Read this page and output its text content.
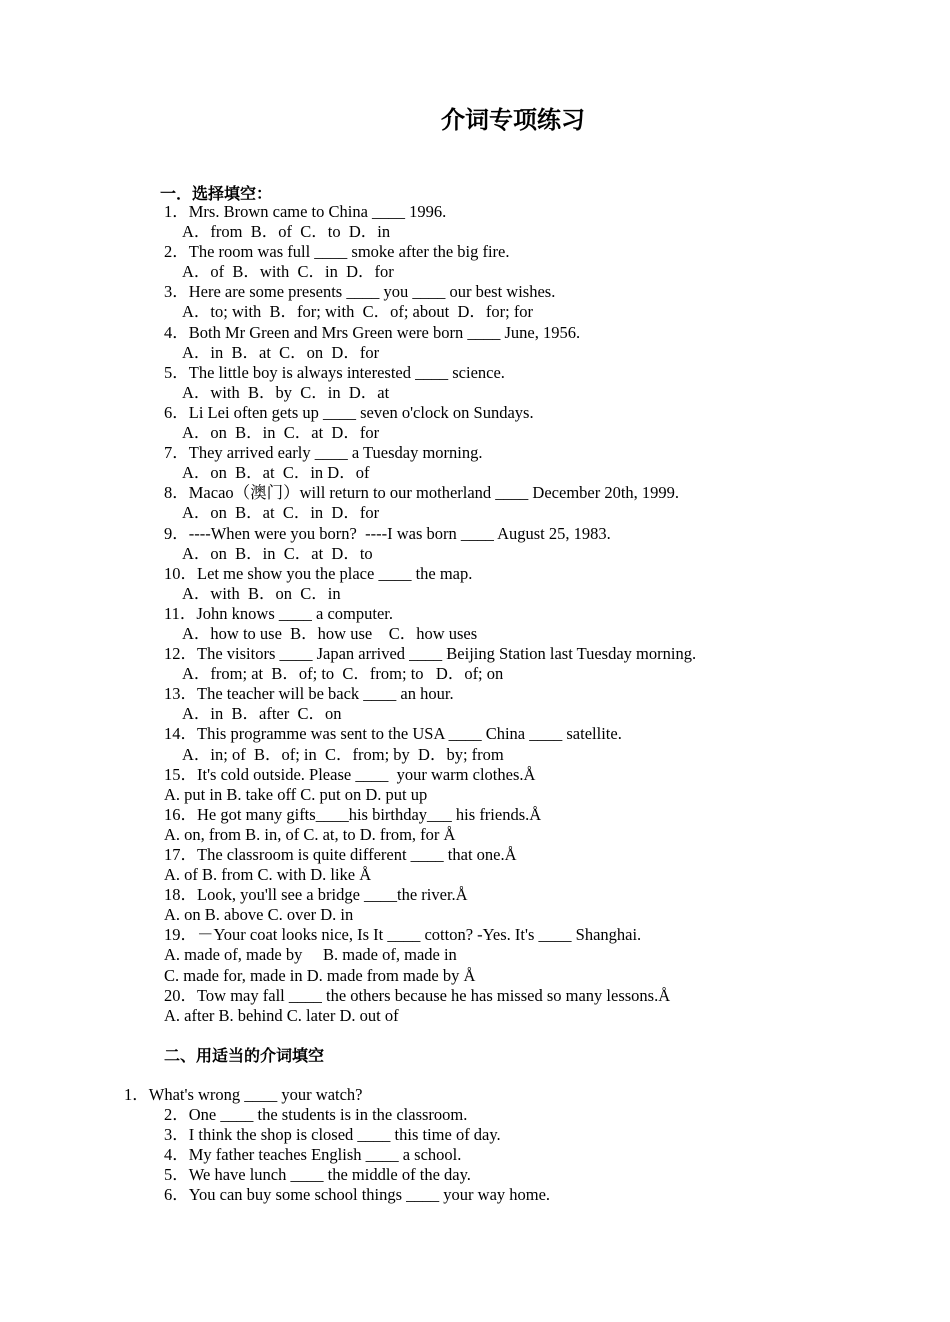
介词专项练习
一．选择填空：
1．Mrs. Brown came to China ____ 1996.
A．from  B．of  C．to  D．in
2．The room was full ____ smoke after the big fire.
A．of  B．with  C．in  D．for
3．Here are some presents ____ you ____ our best wishes.
A．to; with  B．for; with  C．of; about  D．for; for
4．Both Mr Green and Mrs Green were born ____ June, 1956.
A．in  B．at  C．on  D．for
5．The little boy is always interested ____ science.
A．with  B．by  C．in  D．at
6．Li Lei often gets up ____ seven o'clock on Sundays.
A．on  B．in  C．at  D．for
7．They arrived early ____ a Tuesday morning.
A．on  B．at  C．in D．of
8．Macao（澳门）will return to our motherland ____ December 20th, 1999.
A．on  B．at  C．in  D．for
9．----When were you born?  ----I was born ____ August 25, 1983.
A．on  B．in  C．at  D．to
10．Let me show you the place ____ the map.
A．with  B．on  C．in
11．John knows ____ a computer.
A．how to use  B．how use    C．how uses
12．The visitors ____ Japan arrived ____ Beijing Station last Tuesday morning.
A．from; at  B．of; to  C．from; to   D．of; on
13．The teacher will be back ____ an hour.
A．in  B．after  C．on
14．This programme was sent to the USA ____ China ____ satellite.
A．in; of  B．of; in  C．from; by  D．by; from
15．It's cold outside. Please ____  your warm clothes.Å
A. put in B. take off C. put on D. put up
16．He got many gifts____his birthday___ his friends.Å
A. on, from B. in, of C. at, to D. from, for Å
17．The classroom is quite different ____ that one.Å
A. of B. from C. with D. like Å
18．Look, you'll see a bridge ____the river.Å
A. on B. above C. over D. in
19．－Your coat looks nice, Is It ____ cotton? -Yes. It's ____ Shanghai.
A. made of, made by     B. made of, made in
C. made for, made in D. made from made by Å
20．Tow may fall ____ the others because he has missed so many lessons.Å
A. after B. behind C. later D. out of
二、用适当的介词填空
1．What's wrong ____ your watch?
2．One ____ the students is in the classroom.
3．I think the shop is closed ____ this time of day.
4．My father teaches English ____ a school.
5．We have lunch ____ the middle of the day.
6．You can buy some school things ____ your way home.
